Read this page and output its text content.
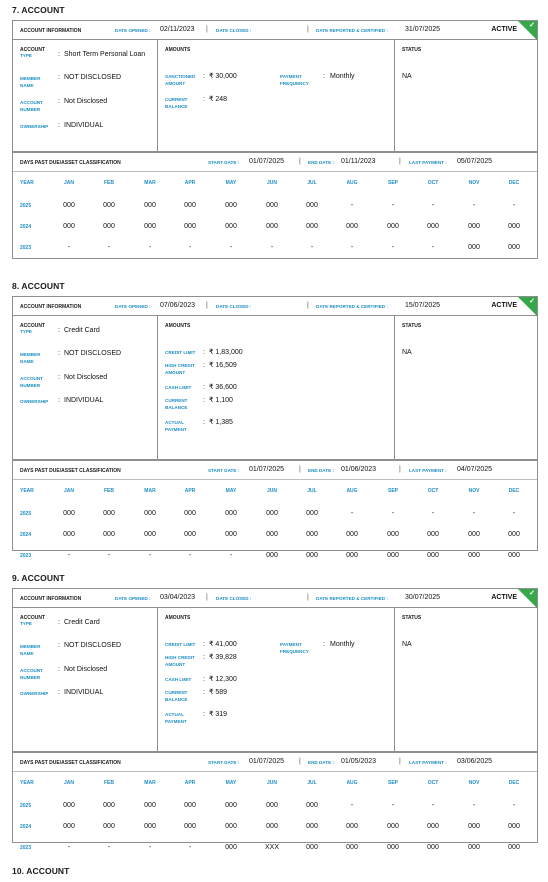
7. ACCOUNT
ACCOUNT INFORMATION	DATE OPENED : 02/11/2023 | DATE CLOSED :	| DATE REPORTED & CERTIFIED : 31/07/2025	ACTIVE
✓
ACCOUNT
TYPE	: Short Term Personal Loan
MEMBER NAME
: NOT DISCLOSED
ACCOUNT NUMBER
: Not Disclosed
OWNERSHIP	: INDIVIDUAL
AMOUNTS
SANCTIONED AMOUNT
: ₹ 30,000
CURRENT BALANCE
: ₹ 248
PAYMENT FREQUENCY
: Monthly
STATUS
NA
DAYS PAST DUE/ASSET CLASSIFICATION	START DATE : 01/07/2025 | END DATE : 01/11/2023	| LAST PAYMENT : 05/07/2025
YEAR	JAN	FEB	MAR	APR	MAY	JUN	JUL	AUG	SEP	OCT	NOV	DEC
2025	000	000	000	000	000	000	000	-	-	-	-	-
2024	000	000	000	000	000	000	000	000	000	000	000	000
2023	-	-	-	-	-	-	-	-	-	-	000	000
8. ACCOUNT
ACCOUNT INFORMATION	DATE OPENED : 07/06/2023 | DATE CLOSED :	| DATE REPORTED & CERTIFIED : 15/07/2025	ACTIVE
✓
ACCOUNT
TYPE	: Credit Card
MEMBER NAME
: NOT DISCLOSED
ACCOUNT NUMBER
: Not Disclosed
OWNERSHIP	: INDIVIDUAL
AMOUNTS
CREDIT LIMIT	: ₹ 1,83,000
HIGH CREDIT AMOUNT
: ₹ 16,509
CASH LIMIT	: ₹ 36,600
CURRENT BALANCE
: ₹ 1,100
ACTUAL PAYMENT
: ₹ 1,385
STATUS
NA
DAYS PAST DUE/ASSET CLASSIFICATION	START DATE : 01/07/2025 | END DATE : 01/06/2023	| LAST PAYMENT : 04/07/2025
YEAR	JAN	FEB	MAR	APR	MAY	JUN	JUL	AUG	SEP	OCT	NOV	DEC
2025	000	000	000	000	000	000	000	-	-	-	-	-
2024	000	000	000	000	000	000	000	000	000	000	000	000
2023	-	-	-	-	-	000	000	000	000	000	000	000
9. ACCOUNT
ACCOUNT INFORMATION	DATE OPENED : 03/04/2023 | DATE CLOSED :	| DATE REPORTED & CERTIFIED : 30/07/2025	ACTIVE
✓
ACCOUNT
TYPE	: Credit Card
MEMBER NAME
: NOT DISCLOSED
ACCOUNT NUMBER
: Not Disclosed
OWNERSHIP	: INDIVIDUAL
AMOUNTS
CREDIT LIMIT	: ₹ 41,000
HIGH CREDIT AMOUNT
: ₹ 39,828
CASH LIMIT	: ₹ 12,300
CURRENT BALANCE
: ₹ 589
ACTUAL PAYMENT
: ₹ 319
PAYMENT FREQUENCY
: Monthly
STATUS
NA
DAYS PAST DUE/ASSET CLASSIFICATION	START DATE : 01/07/2025 | END DATE : 01/05/2023	| LAST PAYMENT : 03/06/2025
YEAR	JAN	FEB	MAR	APR	MAY	JUN	JUL	AUG	SEP	OCT	NOV	DEC
2025	000	000	000	000	000	000	000	-	-	-	-	-
2024	000	000	000	000	000	000	000	000	000	000	000	000
2023	-	-	-	-	000	XXX	000	000	000	000	000	000
10. ACCOUNT
